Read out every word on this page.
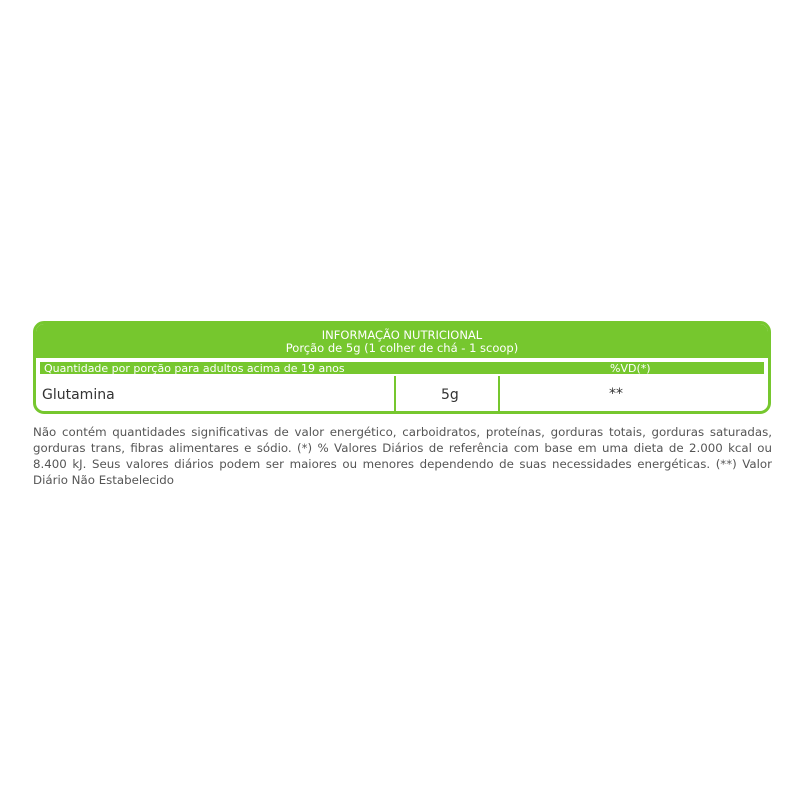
INFORMAÇÃO NUTRICIONAL
Porção de 5g (1 colher de chá - 1 scoop)
Quantidade por porção para adultos acima de 19 anos	%VD(*)
Glutamina	5g	**
Não contém quantidades significativas de valor energético, carboidratos, proteínas, gorduras totais, gorduras saturadas, gorduras trans, fibras alimentares e sódio. (*) % Valores Diários de referência com base em uma dieta de 2.000 kcal ou 8.400 kJ. Seus valores diários podem ser maiores ou menores dependendo de suas necessidades energéticas. (**) Valor Diário Não Estabelecido
